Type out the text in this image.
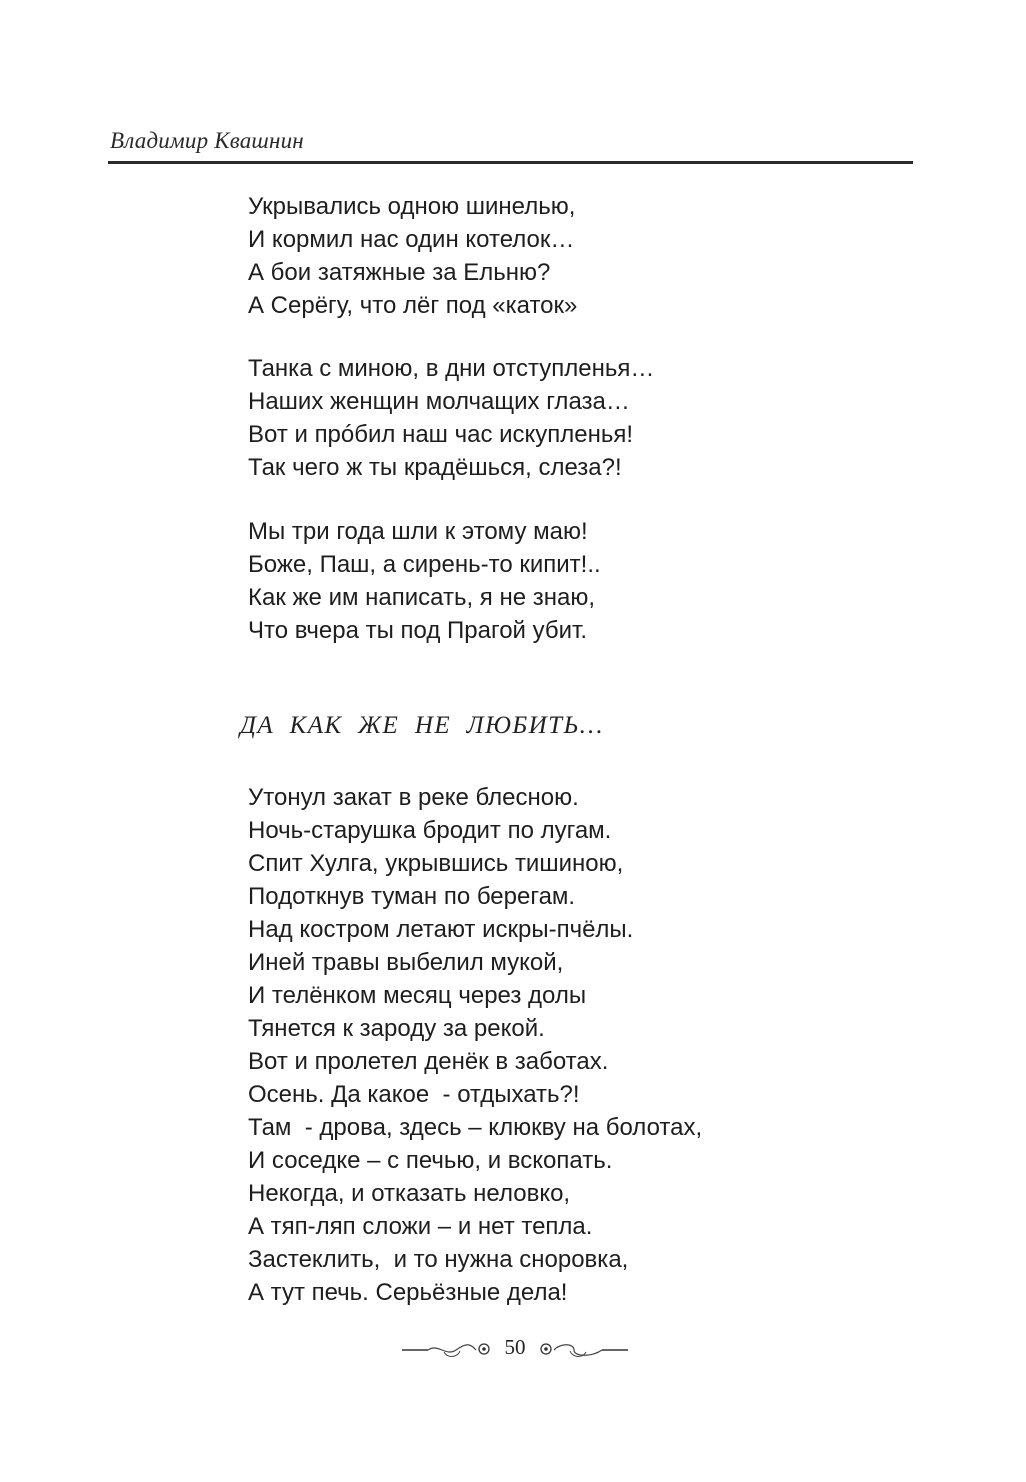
Владимир Квашнин
Укрывались одною шинелью,
И кормил нас один котелок…
А бои затяжные за Ельню?
А Серёгу, что лёг под «каток»
Танка с миною, в дни отступленья…
Наших женщин молчащих глаза…
Вот и прóбил наш час искупленья!
Так чего ж ты крадёшься, слеза?!
Мы три года шли к этому маю!
Боже, Паш, а сирень-то кипит!..
Как же им написать, я не знаю,
Что вчера ты под Прагой убит.
ДА  КАК  ЖЕ  НЕ  ЛЮБИТЬ…
Утонул закат в реке блесною.
Ночь-старушка бродит по лугам.
Спит Хулга, укрывшись тишиною,
Подоткнув туман по берегам.
Над костром летают искры-пчёлы.
Иней травы выбелил мукой,
И телёнком месяц через долы
Тянется к зароду за рекой.
Вот и пролетел денёк в заботах.
Осень. Да какое  - отдыхать?!
Там  - дрова, здесь – клюкву на болотах,
И соседке – с печью, и вскопать.
Некогда, и отказать неловко,
А тяп-ляп сложи – и нет тепла.
Застеклить,  и то нужна сноровка,
А тут печь. Серьёзные дела!
50
